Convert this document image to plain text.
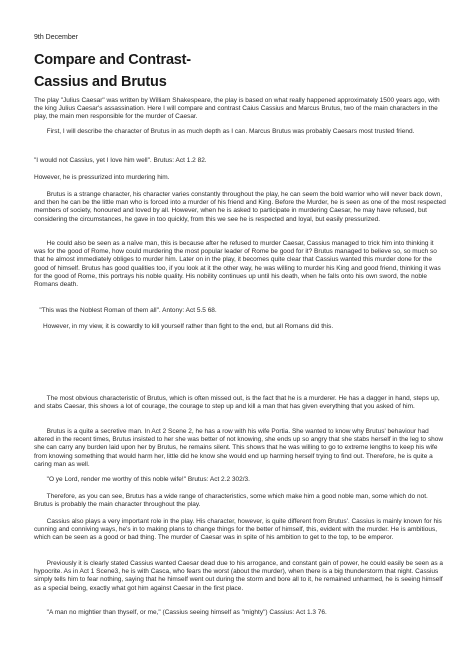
9th December
Compare and Contrast-
Cassius and Brutus

The play "Julius Caesar" was written by William Shakespeare, the play is based on what really happened approximately 1500 years ago, with the king Julius Caesar's assassination. Here I will compare and contrast Caius Cassius and Marcus Brutus, two of the main characters in the play, the main men responsible for the murder of Caesar.

First, I will describe the character of Brutus in as much depth as I can. Marcus Brutus was probably Caesars most trusted friend.

"I would not Cassius, yet I love him well". Brutus: Act 1.2 82.

However, he is pressurized into murdering him.

Brutus is a strange character, his character varies constantly throughout the play, he can seem the bold warrior who will never back down, and then he can be the little man who is forced into a murder of his friend and King. Before the Murder, he is seen as one of the most respected members of society, honoured and loved by all. However, when he is asked to participate in murdering Caesar, he may have refused, but considering the circumstances, he gave in too quickly, from this we see he is respected and loyal, but easily pressurized.

He could also be seen as a naïve man, this is because after he refused to murder Caesar, Cassius managed to trick him into thinking it was for the good of Rome, how could murdering the most popular leader of Rome be good for it? Brutus managed to believe so, so much so that he almost immediately obliges to murder him. Later on in the play, it becomes quite clear that Cassius wanted this murder done for the good of himself. Brutus has good qualities too, if you look at it the other way, he was willing to murder his King and good friend, thinking it was for the good of Rome, this portrays his noble quality. His nobility continues up until his death, when he falls onto his own sword, the noble Romans death.

"This was the Noblest Roman of them all". Antony: Act 5.5 68.

However, in my view, it is cowardly to kill yourself rather than fight to the end, but all Romans did this.

The most obvious characteristic of Brutus, which is often missed out, is the fact that he is a murderer. He has a dagger in hand, steps up, and stabs Caesar, this shows a lot of courage, the courage to step up and kill a man that has given everything that you asked of him.

Brutus is a quite a secretive man. In Act 2 Scene 2, he has a row with his wife Portia. She wanted to know why Brutus' behaviour had altered in the recent times, Brutus insisted to her she was better of not knowing, she ends up so angry that she stabs herself in the leg to show she can carry any burden laid upon her by Brutus, he remains silent. This shows that he was willing to go to extreme lengths to keep his wife from knowing something that would harm her, little did he know she would end up harming herself trying to find out. Therefore, he is quite a caring man as well.

"O ye Lord, render me worthy of this noble wife!" Brutus: Act 2.2 302/3.

Therefore, as you can see, Brutus has a wide range of characteristics, some which make him a good noble man, some which do not. Brutus is probably the main character throughout the play.

Cassius also plays a very important role in the play. His character, however, is quite different from Brutus'. Cassius is mainly known for his cunning and conniving ways, he's in to making plans to change things for the better of himself, this, evident with the murder. He is ambitious, which can be seen as a good or bad thing. The murder of Caesar was in spite of his ambition to get to the top, to be emperor.

Previously it is clearly stated Cassius wanted Caesar dead due to his arrogance, and constant gain of power, he could easily be seen as a hypocrite. As in Act 1 Scene3, he is with Casca, who fears the worst (about the murder), when there is a big thunderstorm that night. Cassius simply tells him to fear nothing, saying that he himself went out during the storm and bore all to it, he remained unharmed, he is seeing himself as a special being, exactly what got him against Caesar in the first place.

"A man no mightier than thyself, or me," (Cassius seeing himself as "mighty") Cassius: Act 1.3 76.
